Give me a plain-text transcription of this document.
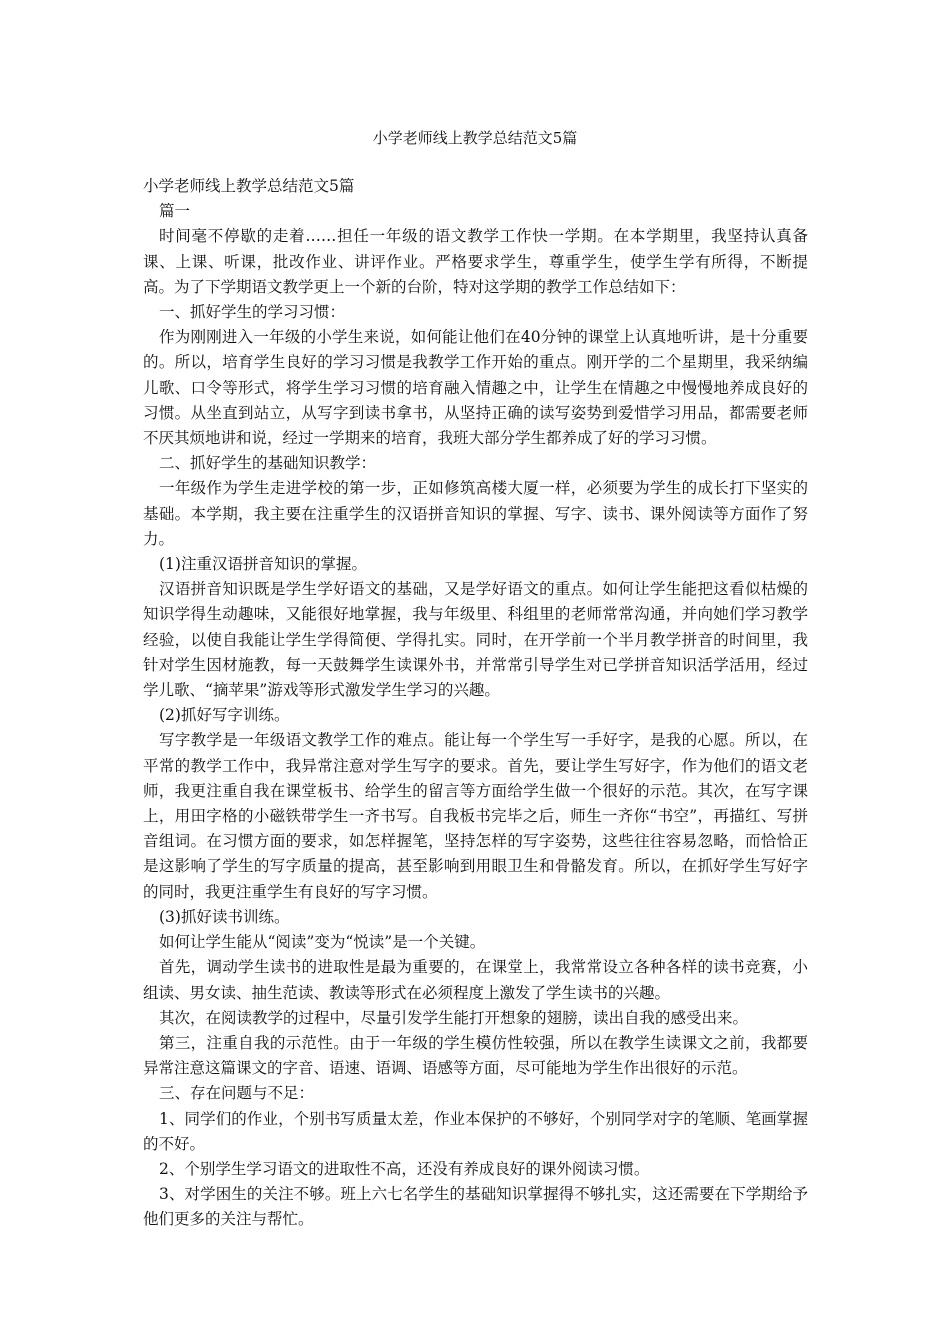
小学老师线上教学总结范文5篇

小学老师线上教学总结范文5篇

篇一

时间毫不停歇的走着……担任一年级的语文教学工作快一学期。在本学期里，我坚持认真备课、上课、听课，批改作业、讲评作业。严格要求学生，尊重学生，使学生学有所得，不断提高。为了下学期语文教学更上一个新的台阶，特对这学期的教学工作总结如下：

一、抓好学生的学习习惯：

作为刚刚进入一年级的小学生来说，如何能让他们在40分钟的课堂上认真地听讲，是十分重要的。所以，培育学生良好的学习习惯是我教学工作开始的重点。刚开学的二个星期里，我采纳编儿歌、口令等形式，将学生学习习惯的培育融入情趣之中，让学生在情趣之中慢慢地养成良好的习惯。从坐直到站立，从写字到读书拿书，从坚持正确的读写姿势到爱惜学习用品，都需要老师不厌其烦地讲和说，经过一学期来的培育，我班大部分学生都养成了好的学习习惯。

二、抓好学生的基础知识教学：

一年级作为学生走进学校的第一步，正如修筑高楼大厦一样，必须要为学生的成长打下坚实的基础。本学期，我主要在注重学生的汉语拼音知识的掌握、写字、读书、课外阅读等方面作了努力。

(1)注重汉语拼音知识的掌握。

汉语拼音知识既是学生学好语文的基础，又是学好语文的重点。如何让学生能把这看似枯燥的知识学得生动趣味，又能很好地掌握，我与年级里、科组里的老师常常沟通，并向她们学习教学经验，以使自我能让学生学得简便、学得扎实。同时，在开学前一个半月教学拼音的时间里，我针对学生因材施教，每一天鼓舞学生读课外书，并常常引导学生对已学拼音知识活学活用，经过学儿歌、“摘苹果”游戏等形式激发学生学习的兴趣。

(2)抓好写字训练。

写字教学是一年级语文教学工作的难点。能让每一个学生写一手好字，是我的心愿。所以，在平常的教学工作中，我异常注意对学生写字的要求。首先，要让学生写好字，作为他们的语文老师，我更注重自我在课堂板书、给学生的留言等方面给学生做一个很好的示范。其次，在写字课上，用田字格的小磁铁带学生一齐书写。自我板书完毕之后，师生一齐你“书空”，再描红、写拼音组词。在习惯方面的要求，如怎样握笔，坚持怎样的写字姿势，这些往往容易忽略，而恰恰正是这影响了学生的写字质量的提高，甚至影响到用眼卫生和骨骼发育。所以，在抓好学生写好字的同时，我更注重学生有良好的写字习惯。

(3)抓好读书训练。

如何让学生能从“阅读”变为“悦读”是一个关键。

首先，调动学生读书的进取性是最为重要的，在课堂上，我常常设立各种各样的读书竞赛，小组读、男女读、抽生范读、教读等形式在必须程度上激发了学生读书的兴趣。

其次，在阅读教学的过程中，尽量引发学生能打开想象的翅膀，读出自我的感受出来。

第三，注重自我的示范性。由于一年级的学生模仿性较强，所以在教学生读课文之前，我都要异常注意这篇课文的字音、语速、语调、语感等方面，尽可能地为学生作出很好的示范。

三、存在问题与不足：

1、同学们的作业，个别书写质量太差，作业本保护的不够好，个别同学对字的笔顺、笔画掌握的不好。

2、个别学生学习语文的进取性不高，还没有养成良好的课外阅读习惯。

3、对学困生的关注不够。班上六七名学生的基础知识掌握得不够扎实，这还需要在下学期给予他们更多的关注与帮忙。
